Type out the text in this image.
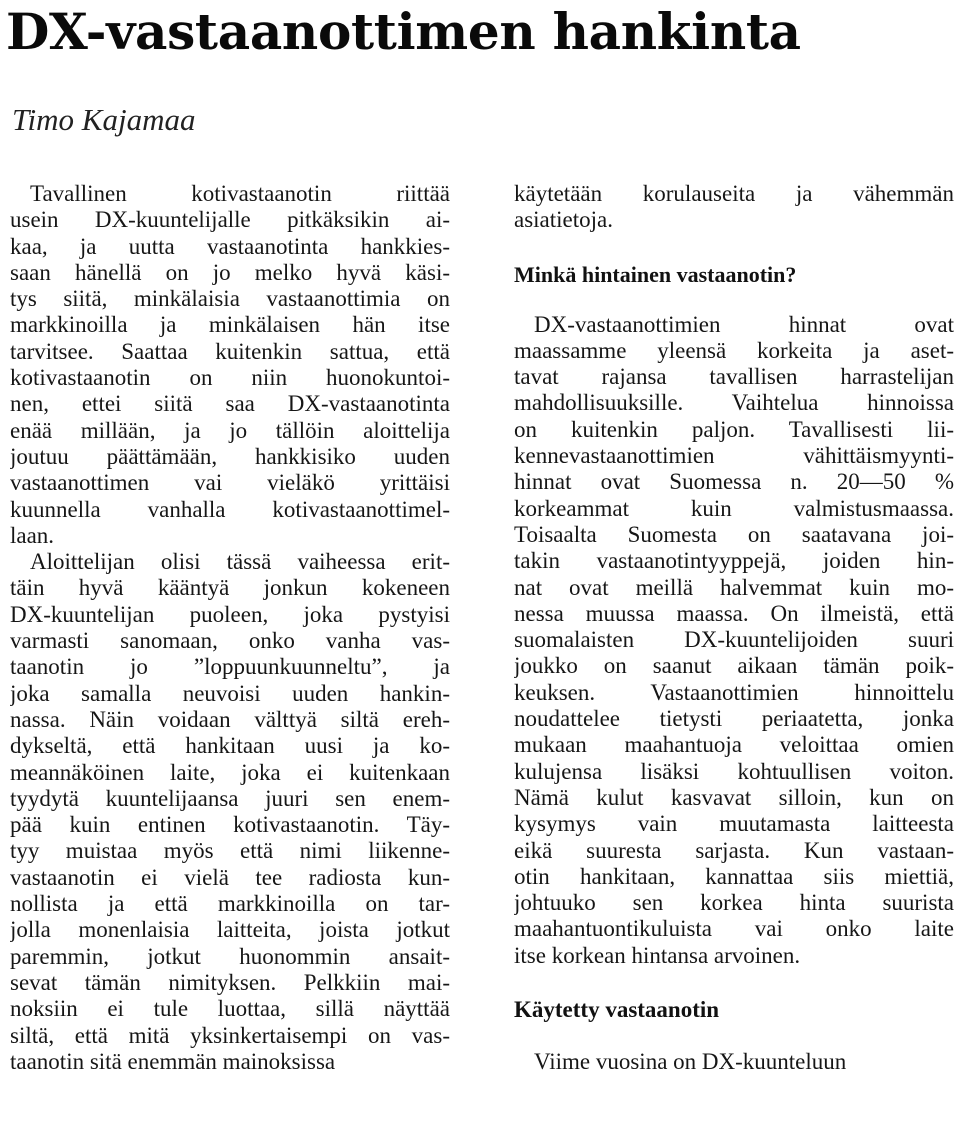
DX-vastaanottimen hankinta
Timo Kajamaa
Tavallinen kotivastaanotin riittää
usein DX-kuuntelijalle pitkäksikin ai-
kaa, ja uutta vastaanotinta hankkies-
saan hänellä on jo melko hyvä käsi-
tys siitä, minkälaisia vastaanottimia on
markkinoilla ja minkälaisen hän itse
tarvitsee. Saattaa kuitenkin sattua, että
kotivastaanotin on niin huonokuntoi-
nen, ettei siitä saa DX-vastaanotinta
enää millään, ja jo tällöin aloittelija
joutuu päättämään, hankkisiko uuden
vastaanottimen vai vieläkö yrittäisi
kuunnella vanhalla kotivastaanottimel-
laan.
Aloittelijan olisi tässä vaiheessa erit-
täin hyvä kääntyä jonkun kokeneen
DX-kuuntelijan puoleen, joka pystyisi
varmasti sanomaan, onko vanha vas-
taanotin jo ”loppuunkuunneltu”, ja
joka samalla neuvoisi uuden hankin-
nassa. Näin voidaan välttyä siltä ereh-
dykseltä, että hankitaan uusi ja ko-
meannäköinen laite, joka ei kuitenkaan
tyydytä kuuntelijaansa juuri sen enem-
pää kuin entinen kotivastaanotin. Täy-
tyy muistaa myös että nimi liikenne-
vastaanotin ei vielä tee radiosta kun-
nollista ja että markkinoilla on tar-
jolla monenlaisia laitteita, joista jotkut
paremmin, jotkut huonommin ansait-
sevat tämän nimityksen. Pelkkiin mai-
noksiin ei tule luottaa, sillä näyttää
siltä, että mitä yksinkertaisempi on vas-
taanotin sitä enemmän mainoksissa
käytetään korulauseita ja vähemmän
asiatietoja.
Minkä hintainen vastaanotin?
DX-vastaanottimien hinnat ovat
maassamme yleensä korkeita ja aset-
tavat rajansa tavallisen harrastelijan
mahdollisuuksille. Vaihtelua hinnoissa
on kuitenkin paljon. Tavallisesti lii-
kennevastaanottimien vähittäismyynti-
hinnat ovat Suomessa n. 20—50 %
korkeammat kuin valmistusmaassa.
Toisaalta Suomesta on saatavana joi-
takin vastaanotintyyppejä, joiden hin-
nat ovat meillä halvemmat kuin mo-
nessa muussa maassa. On ilmeistä, että
suomalaisten DX-kuuntelijoiden suuri
joukko on saanut aikaan tämän poik-
keuksen. Vastaanottimien hinnoittelu
noudattelee tietysti periaatetta, jonka
mukaan maahantuoja veloittaa omien
kulujensa lisäksi kohtuullisen voiton.
Nämä kulut kasvavat silloin, kun on
kysymys vain muutamasta laitteesta
eikä suuresta sarjasta. Kun vastaan-
otin hankitaan, kannattaa siis miettiä,
johtuuko sen korkea hinta suurista
maahantuontikuluista vai onko laite
itse korkean hintansa arvoinen.
Käytetty vastaanotin
Viime vuosina on DX-kuunteluun
